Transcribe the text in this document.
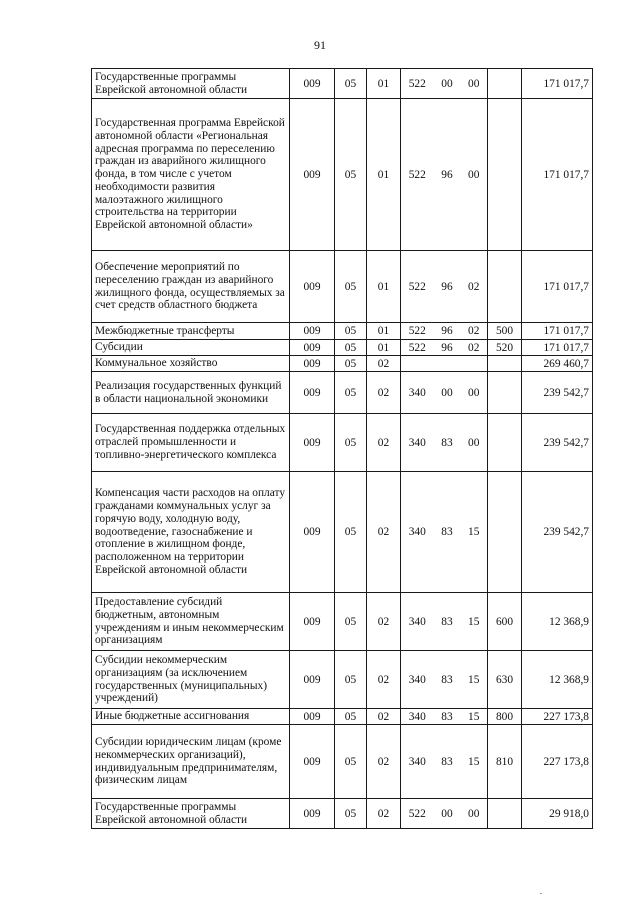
91
Государственные программы Еврейской автономной области	009	05	01	522	00	00		171 017,7
Государственная программа Еврейской автономной области «Региональная адресная программа по переселению граждан из аварийного жилищного фонда, в том числе с учетом необходимости развития малоэтажного жилищного строительства на территории Еврейской автономной области»	009	05	01	522	96	00		171 017,7
Обеспечение мероприятий по переселению граждан из аварийного жилищного фонда, осуществляемых за счет средств областного бюджета	009	05	01	522	96	02		171 017,7
Межбюджетные трансферты	009	05	01	522	96	02	500	171 017,7
Субсидии	009	05	01	522	96	02	520	171 017,7
Коммунальное хозяйство	009	05	02					269 460,7
Реализация государственных функций в области национальной экономики	009	05	02	340	00	00		239 542,7
Государственная поддержка отдельных отраслей промышленности и топливно-энергетического комплекса	009	05	02	340	83	00		239 542,7
Компенсация части расходов на оплату гражданами коммунальных услуг за горячую воду, холодную воду, водоотведение, газоснабжение и отопление в жилищном фонде, расположенном на территории Еврейской автономной области	009	05	02	340	83	15		239 542,7
Предоставление субсидий бюджетным, автономным учреждениям и иным некоммерческим организациям	009	05	02	340	83	15	600	12 368,9
Субсидии некоммерческим организациям (за исключением государственных (муниципальных) учреждений)	009	05	02	340	83	15	630	12 368,9
Иные бюджетные ассигнования	009	05	02	340	83	15	800	227 173,8
Субсидии юридическим лицам (кроме некоммерческих организаций), индивидуальным предпринимателям, физическим лицам	009	05	02	340	83	15	810	227 173,8
Государственные программы Еврейской автономной области	009	05	02	522	00	00		29 918,0
